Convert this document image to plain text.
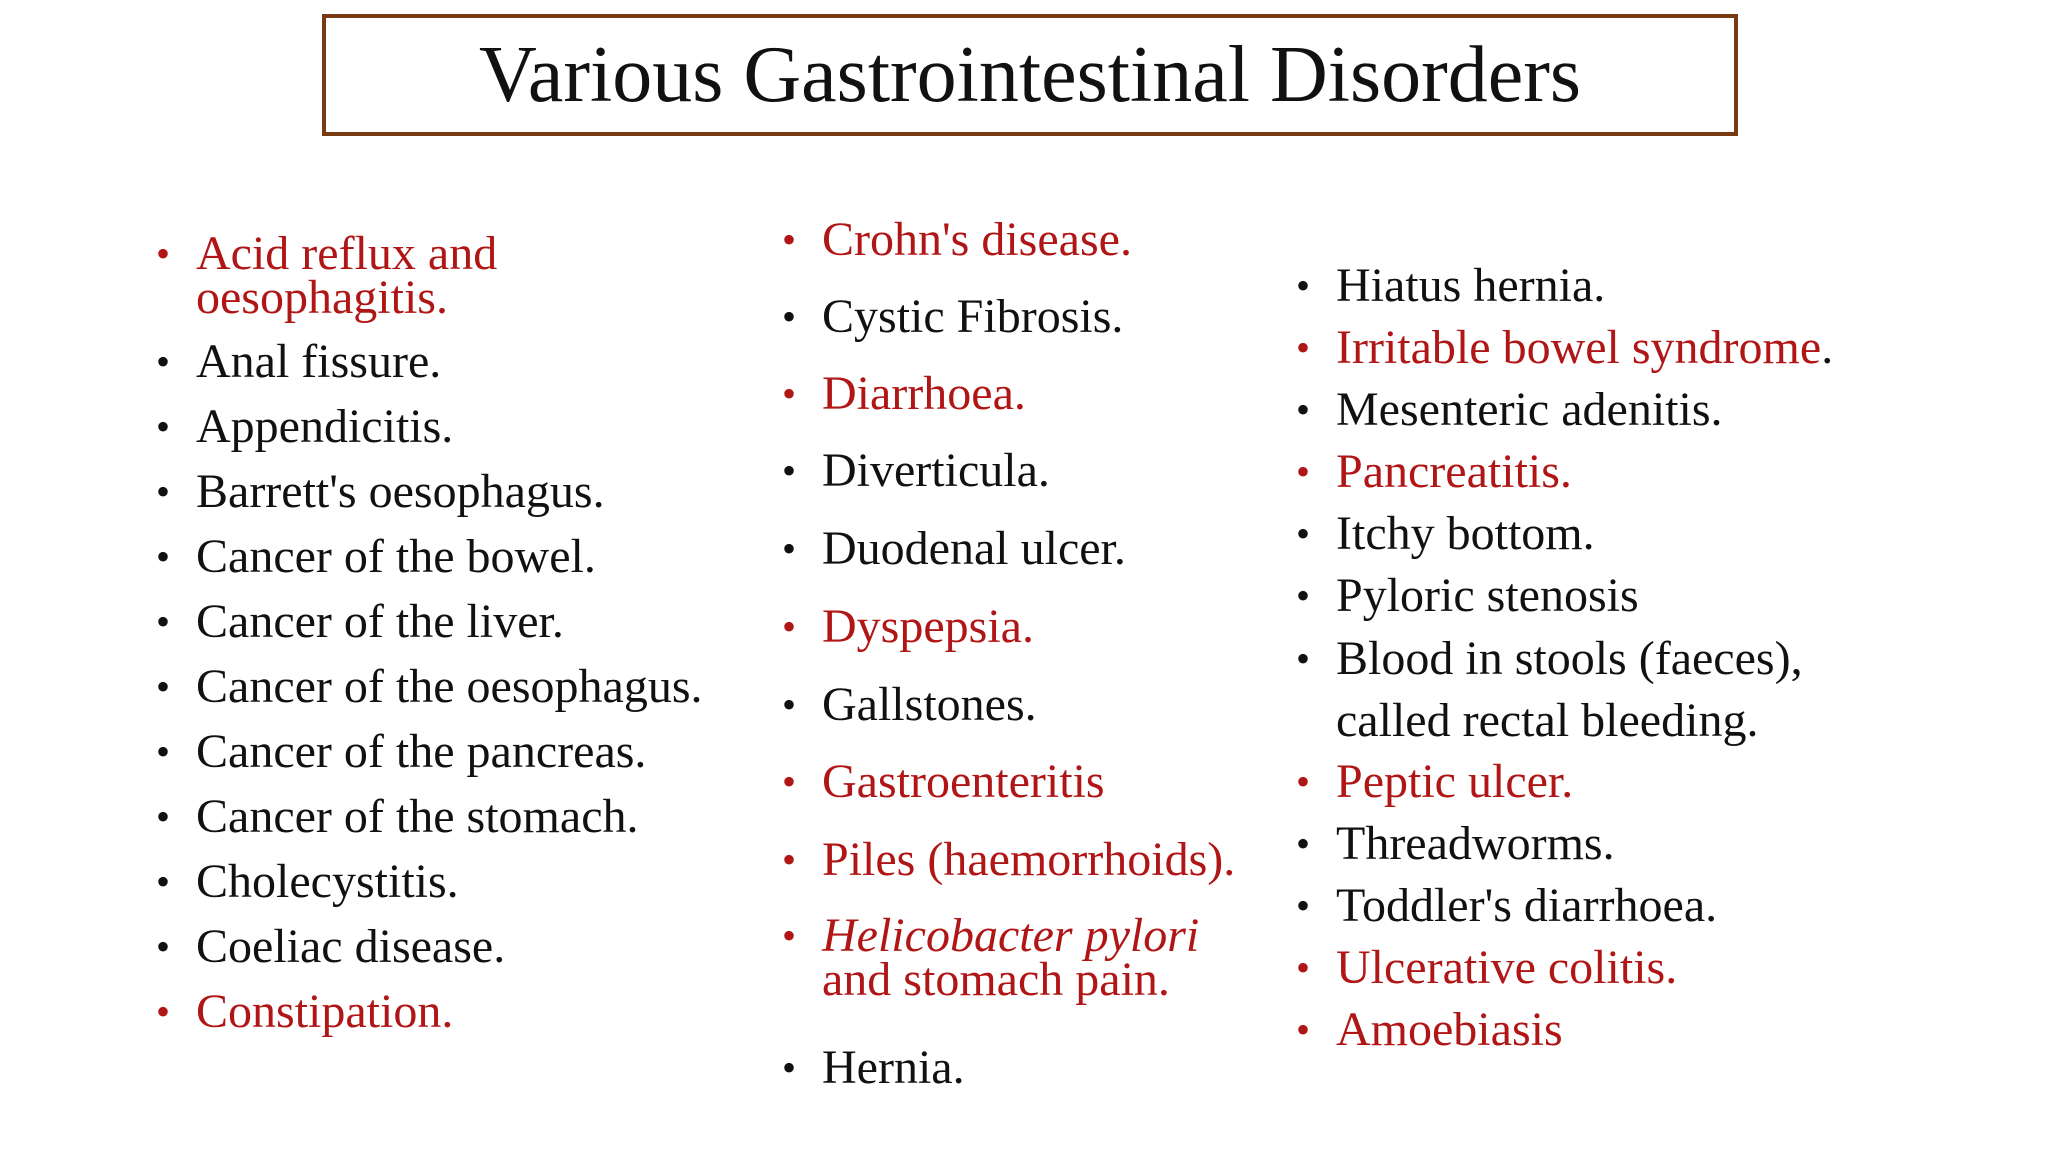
Various Gastrointestinal Disorders
• Acid reflux and
oesophagitis.
• Anal fissure.
• Appendicitis.
• Barrett's oesophagus.
• Cancer of the bowel.
• Cancer of the liver.
• Cancer of the oesophagus.
• Cancer of the pancreas.
• Cancer of the stomach.
• Cholecystitis.
• Coeliac disease.
• Constipation.
• Crohn's disease.
• Cystic Fibrosis.
• Diarrhoea.
• Diverticula.
• Duodenal ulcer.
• Dyspepsia.
• Gallstones.
• Gastroenteritis
• Piles (haemorrhoids).
• Helicobacter pylori
and stomach pain.
• Hernia.
• Hiatus hernia.
• Irritable bowel syndrome.
• Mesenteric adenitis.
• Pancreatitis.
• Itchy bottom.
• Pyloric stenosis
• Blood in stools (faeces),
called rectal bleeding.
• Peptic ulcer.
• Threadworms.
• Toddler's diarrhoea.
• Ulcerative colitis.
• Amoebiasis
